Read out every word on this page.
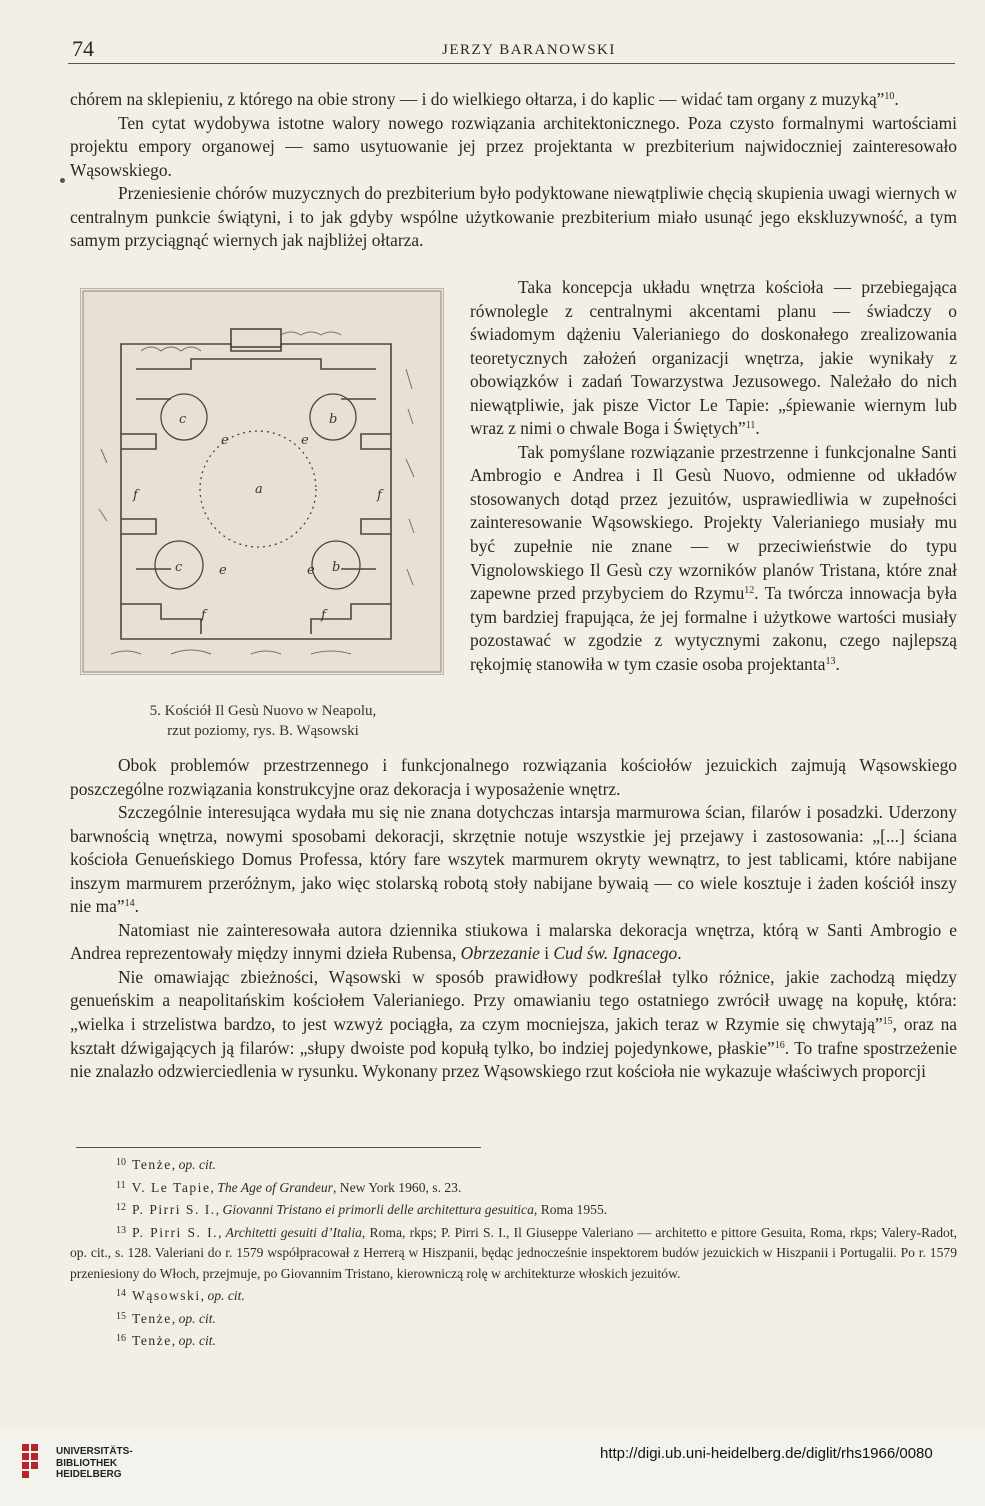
74	JERZY BARANOWSKI

chórem na sklepieniu, z którego na obie strony — i do wielkiego ołtarza, i do kaplic — widać tam organy z muzyką”$^{10}$.

Ten cytat wydobywa istotne walory nowego rozwiązania architektonicznego. Poza czysto formalnymi wartościami projektu empory organowej — samo usytuowanie jej przez projektanta w prezbiterium najwidoczniej zainteresowało Wąsowskiego.

Przeniesienie chórów muzycznych do prezbiterium było podyktowane niewątpliwie chęcią skupienia uwagi wiernych w centralnym punkcie świątyni, i to jak gdyby wspólne użytkowanie prezbiterium miało usunąć jego ekskluzywność, a tym samym przyciągnąć wiernych jak najbliżej ołtarza.

a
f	f
c	b
c	b
e	e
e	e
f	f
5. Kościół Il Gesù Nuovo w Neapolu,
rzut poziomy, rys. B. Wąsowski

Taka koncepcja układu wnętrza kościoła — przebiegająca równolegle z centralnymi akcentami planu — świadczy o świadomym dążeniu Valerianiego do doskonałego zrealizowania teoretycznych założeń organizacji wnętrza, jakie wynikały z obowiązków i zadań Towarzystwa Jezusowego. Należało do nich niewątpliwie, jak pisze Victor Le Tapie: „śpiewanie wiernym lub wraz z nimi o chwale Boga i Świętych”$^{11}$.

Tak pomyślane rozwiązanie przestrzenne i funkcjonalne Santi Ambrogio e Andrea i Il Gesù Nuovo, odmienne od układów stosowanych dotąd przez jezuitów, usprawiedliwia w zupełności zainteresowanie Wąsowskiego. Projekty Valerianiego musiały mu być zupełnie nie znane — w przeciwieństwie do typu Vignolowskiego Il Gesù czy wzorników planów Tristana, które znał zapewne przed przybyciem do Rzymu$^{12}$. Ta twórcza innowacja była tym bardziej frapująca, że jej formalne i użytkowe wartości musiały pozostawać w zgodzie z wytycznymi zakonu, czego najlepszą rękojmię stanowiła w tym czasie osoba projektanta$^{13}$.

Obok problemów przestrzennego i funkcjonalnego rozwiązania kościołów jezuickich zajmują Wąsowskiego poszczególne rozwiązania konstrukcyjne oraz dekoracja i wyposażenie wnętrz.

Szczególnie interesująca wydała mu się nie znana dotychczas intarsja marmurowa ścian, filarów i posadzki. Uderzony barwnością wnętrza, nowymi sposobami dekoracji, skrzętnie notuje wszystkie jej przejawy i zastosowania: „[...] ściana kościoła Genueńskiego Domus Professa, który fare wszytek marmurem okryty wewnątrz, to jest tablicami, które nabijane inszym marmurem przeróżnym, jako więc stolarską robotą stoły nabijane bywaią — co wiele kosztuje i żaden kościół inszy nie ma”$^{14}$.

Natomiast nie zainteresowała autora dziennika stiukowa i malarska dekoracja wnętrza, którą w Santi Ambrogio e Andrea reprezentowały między innymi dzieła Rubensa, Obrzezanie i Cud św. Ignacego.

Nie omawiając zbieżności, Wąsowski w sposób prawidłowy podkreślał tylko różnice, jakie zachodzą między genueńskim a neapolitańskim kościołem Valerianiego. Przy omawianiu tego ostatniego zwrócił uwagę na kopułę, która: „wielka i strzelistwa bardzo, to jest wzwyż pociągła, za czym mocniejsza, jakich teraz w Rzymie się chwytają”$^{15}$, oraz na kształt dźwigających ją filarów: „słupy dwoiste pod kopułą tylko, bo indziej pojedynkowe, płaskie”$^{16}$. To trafne spostrzeżenie nie znalazło odzwierciedlenia w rysunku. Wykonany przez Wąsowskiego rzut kościoła nie wykazuje właściwych proporcji

$^{10}$ Tenże, op. cit.

$^{11}$ V. Le Tapie, The Age of Grandeur, New York 1960, s. 23.

$^{12}$ P. Pirri S. I., Giovanni Tristano ei primorli delle architettura gesuitica, Roma 1955.

$^{13}$ P. Pirri S. I., Architetti gesuiti d’Italia, Roma, rkps; P. Pirri S. I., Il Giuseppe Valeriano — architetto e pittore Gesuita, Roma, rkps; Valery-Radot, op. cit., s. 128. Valeriani do r. 1579 współpracował z Herrerą w Hiszpanii, będąc jednocześnie inspektorem budów jezuickich w Hiszpanii i Portugalii. Po r. 1579 przeniesiony do Włoch, przejmuje, po Giovannim Tristano, kierowniczą rolę w architekturze włoskich jezuitów.

$^{14}$ Wąsowski, op. cit.

$^{15}$ Tenże, op. cit.

$^{16}$ Tenże, op. cit.

UNIVERSITÄTS-
BIBLIOTHEK
HEIDELBERG
http://digi.ub.uni-heidelberg.de/diglit/rhs1966/0080
